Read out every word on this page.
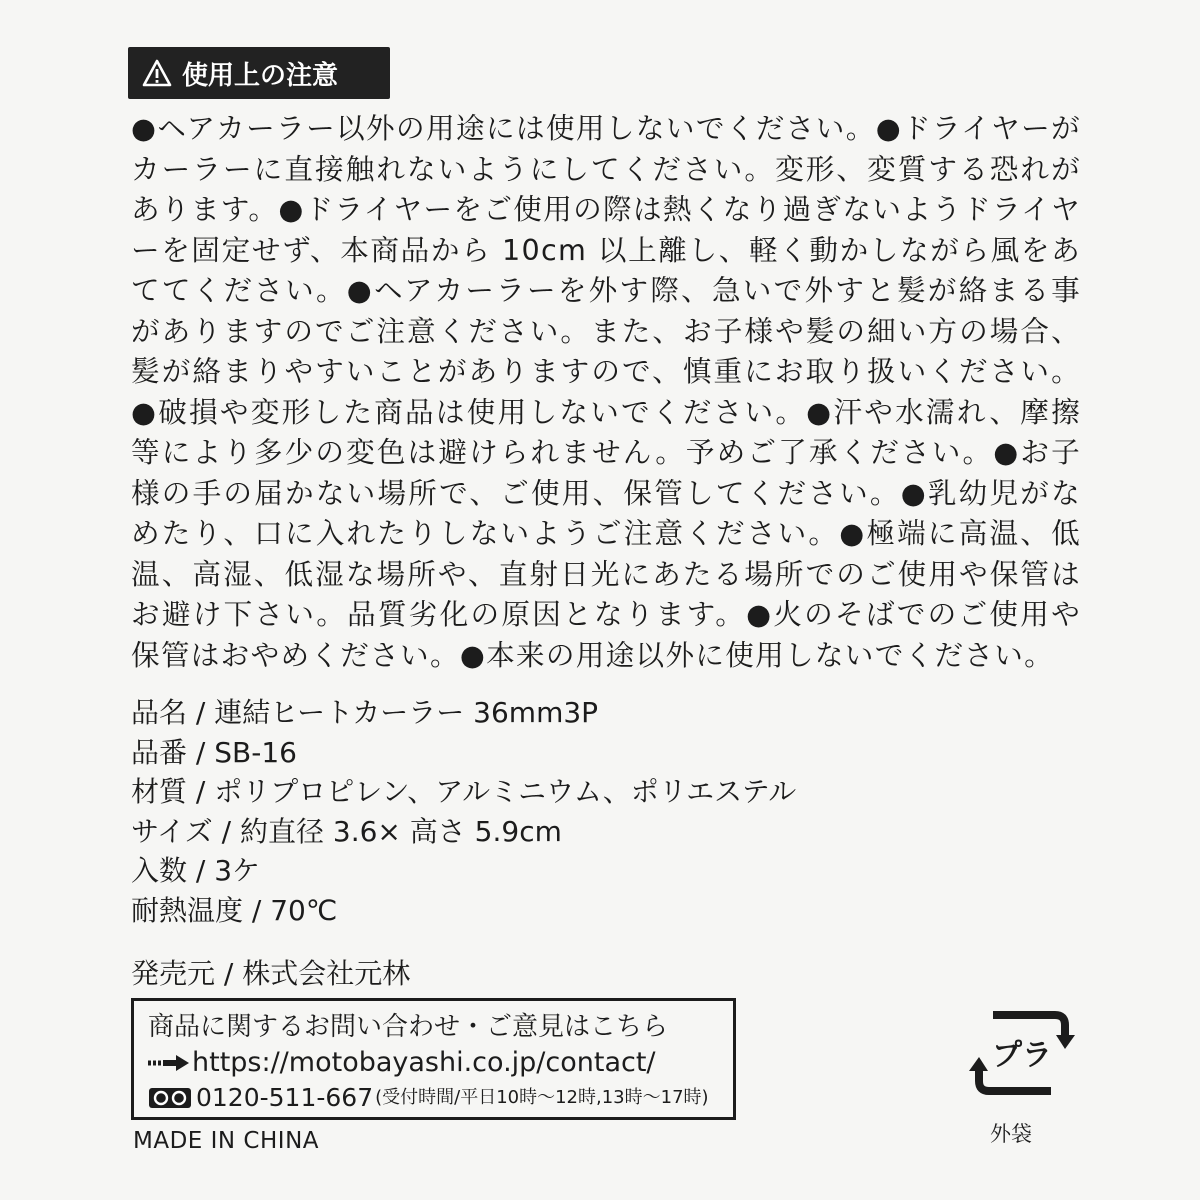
使用上の注意
●ヘアカーラー以外の用途には使用しないでください。●ドライヤーがカーラーに直接触れないようにしてください。変形、変質する恐れがあります。●ドライヤーをご使用の際は熱くなり過ぎないようドライヤーを固定せず、本商品から 10cm 以上離し、軽く動かしながら風をあててください。●ヘアカーラーを外す際、急いで外すと髪が絡まる事がありますのでご注意ください。また、お子様や髪の細い方の場合、髪が絡まりやすいことがありますので、慎重にお取り扱いください。●破損や変形した商品は使用しないでください。●汗や水濡れ、摩擦等により多少の変色は避けられません。予めご了承ください。●お子様の手の届かない場所で、ご使用、保管してください。●乳幼児がなめたり、口に入れたりしないようご注意ください。●極端に高温、低温、高湿、低湿な場所や、直射日光にあたる場所でのご使用や保管はお避け下さい。品質劣化の原因となります。●火のそばでのご使用や保管はおやめください。●本来の用途以外に使用しないでください。
品名 / 連結ヒートカーラー 36mm3P
品番 / SB-16
材質 / ポリプロピレン、アルミニウム、ポリエステル
サイズ / 約直径 3.6× 高さ 5.9cm
入数 / 3ケ
耐熱温度 / 70℃
発売元 / 株式会社元林
商品に関するお問い合わせ・ご意見はこちら
https://motobayashi.co.jp/contact/
0120-511-667 (受付時間/平日10時～12時,13時～17時)
MADE IN CHINA
プラ
外袋
